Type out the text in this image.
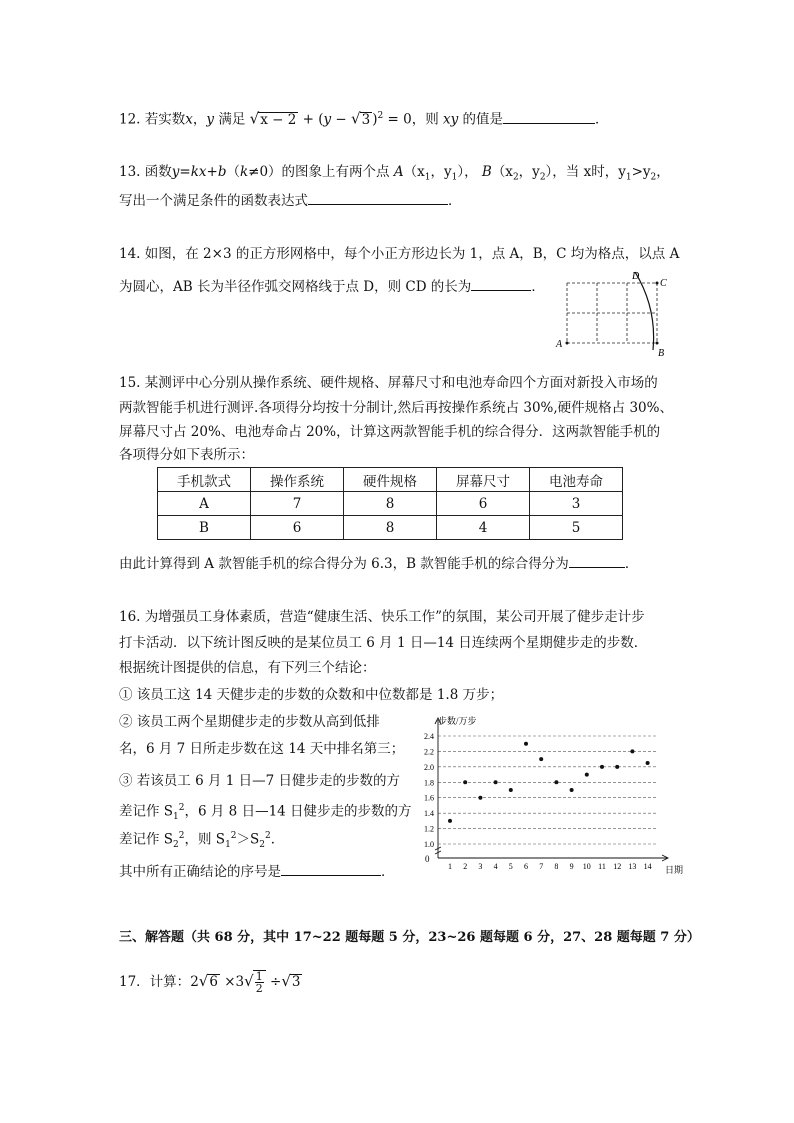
12. 若实数x，y 满足 √x − 2 + (y − √3 )$^2$ = 0，则 xy 的值是	．
13. 函数y=kx+b（k≠0）的图象上有两个点 $A(x_1$，$y_1$）， $B(x_2$，$y_2$），当 x时，$y_1>y_2$，
写出一个满足条件的函数表达式	．
14. 如图，在 2×3 的正方形网格中，每个小正方形边长为 1，点 A，B，C 均为格点，以点 A
为圆心，AB 长为半径作弧交网格线于点 D，则 CD 的长为	．
A
B
C
D
15. 某测评中心分别从操作系统、硬件规格、屏幕尺寸和电池寿命四个方面对新投入市场的
两款智能手机进行测评.各项得分均按十分制计,然后再按操作系统占 30%,硬件规格占 30%、
屏幕尺寸占 20%、电池寿命占 20%，计算这两款智能手机的综合得分．这两款智能手机的
各项得分如下表所示：
手机款式	操作系统	硬件规格	屏幕尺寸	电池寿命
A	7	8	6	3
B	6	8	4	5
由此计算得到 A 款智能手机的综合得分为 6.3，B 款智能手机的综合得分为	．
16. 为增强员工身体素质，营造“健康生活、快乐工作”的氛围，某公司开展了健步走计步
打卡活动．以下统计图反映的是某位员工 6 月 1 日—14 日连续两个星期健步走的步数．
根据统计图提供的信息，有下列三个结论：
① 该员工这 14 天健步走的步数的众数和中位数都是 1.8 万步；
② 该员工两个星期健步走的步数从高到低排
名，6 月 7 日所走步数在这 14 天中排名第三；
③ 若该员工 6 月 1 日—7 日健步走的步数的方
差记作 $S_1^2$，6 月 8 日—14 日健步走的步数的方
差记作 $S_2^2$，则 $S_1^2>S_2^2$．
其中所有正确结论的序号是	．
1.0
1.2
1.4
1.6
1.8
2.0
2.2
2.4
1 2 3 4 5 6 7 8 9 10 11 12 13 14
步数/万步
日期
0
三、解答题（共 68 分，其中 17~22 题每题 5 分，23~26 题每题 6 分，27、28 题每题 7 分）
17．计算：$2√6 \times 3√ \frac{1}{2} \div√3$
